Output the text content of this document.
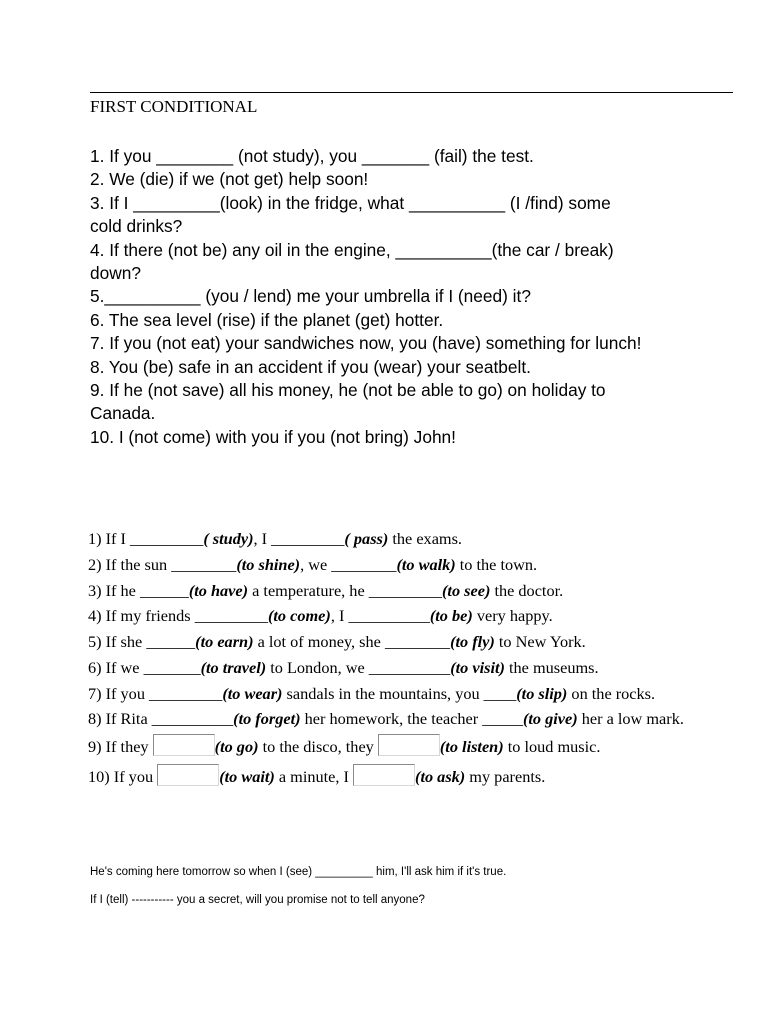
FIRST CONDITIONAL
1. If you ________ (not study), you _______ (fail) the test.
2. We (die) if we (not get) help soon!
3. If I _________(look) in the fridge, what __________ (I /find) some
cold drinks?
4. If there (not be) any oil in the engine, __________(the car / break)
down?
5.__________ (you / lend) me your umbrella if I (need) it?
6. The sea level (rise) if the planet (get) hotter.
7. If you (not eat) your sandwiches now, you (have) something for lunch!
8. You (be) safe in an accident if you (wear) your seatbelt.
9. If he (not save) all his money, he (not be able to go) on holiday to
Canada.
10. I (not come) with you if you (not bring) John!
1) If I _________( study), I _________( pass) the exams.
2) If the sun ________(to shine), we ________(to walk) to the town.
3) If he ______(to have) a temperature, he _________(to see) the doctor.
4) If my friends _________(to come), I __________(to be) very happy.
5) If she ______(to earn) a lot of money, she ________(to fly) to New York.
6) If we _______(to travel) to London, we __________(to visit) the museums.
7) If you _________(to wear) sandals in the mountains, you ____(to slip) on the rocks.
8) If Rita __________(to forget) her homework, the teacher _____(to give) her a low mark.
9) If they	(to go) to the disco, they	(to listen) to loud music.
10) If you	(to wait) a minute, I	(to ask) my parents.
He's coming here tomorrow so when I (see) _________ him, I'll ask him if it's true.
If I (tell) ----------- you a secret, will you promise not to tell anyone?
